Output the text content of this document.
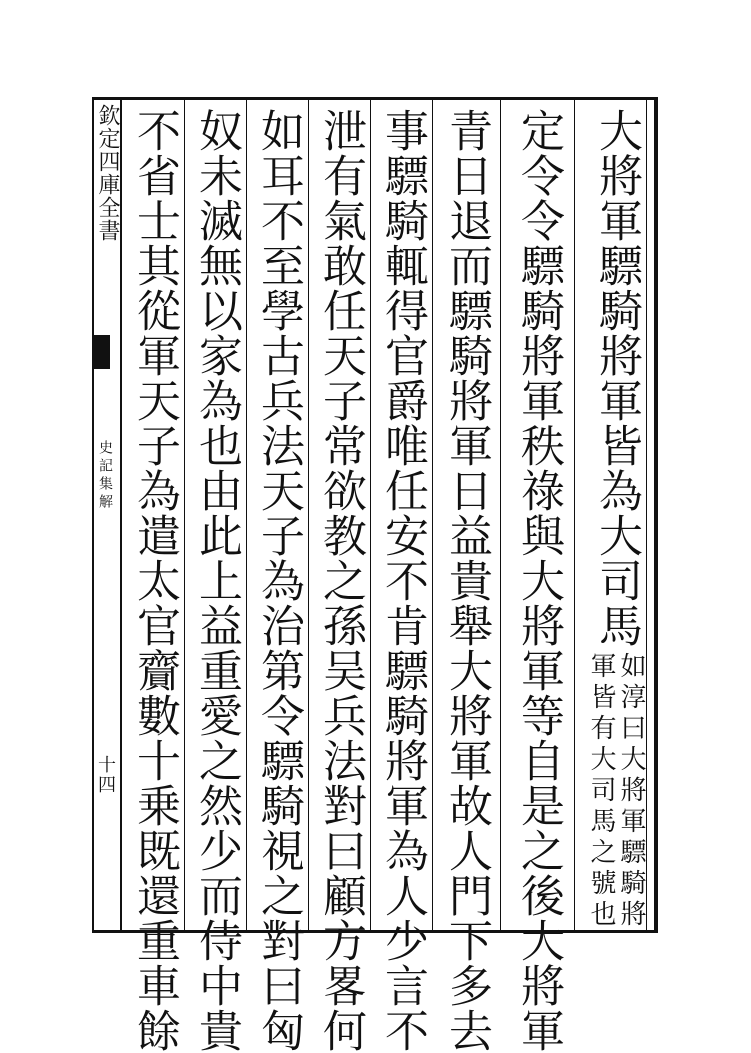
欽定四庫全書
史記集解
十四
大將軍驃騎將軍皆為大司馬
如淳曰大將軍驃騎將
軍皆有大司馬之號也
定令令驃騎將軍秩祿與大將軍等自是之後大將軍
青日退而驃騎將軍日益貴舉大將軍故人門下多去
事驃騎輒得官爵唯任安不肯驃騎將軍為人少言不
泄有氣敢任天子常欲教之孫吴兵法對曰顧方畧何
如耳不至學古兵法天子為治第令驃騎視之對曰匈
奴未滅無以家為也由此上益重愛之然少而侍中貴
不省士其從軍天子為遣太官齎數十乗既還重車餘
